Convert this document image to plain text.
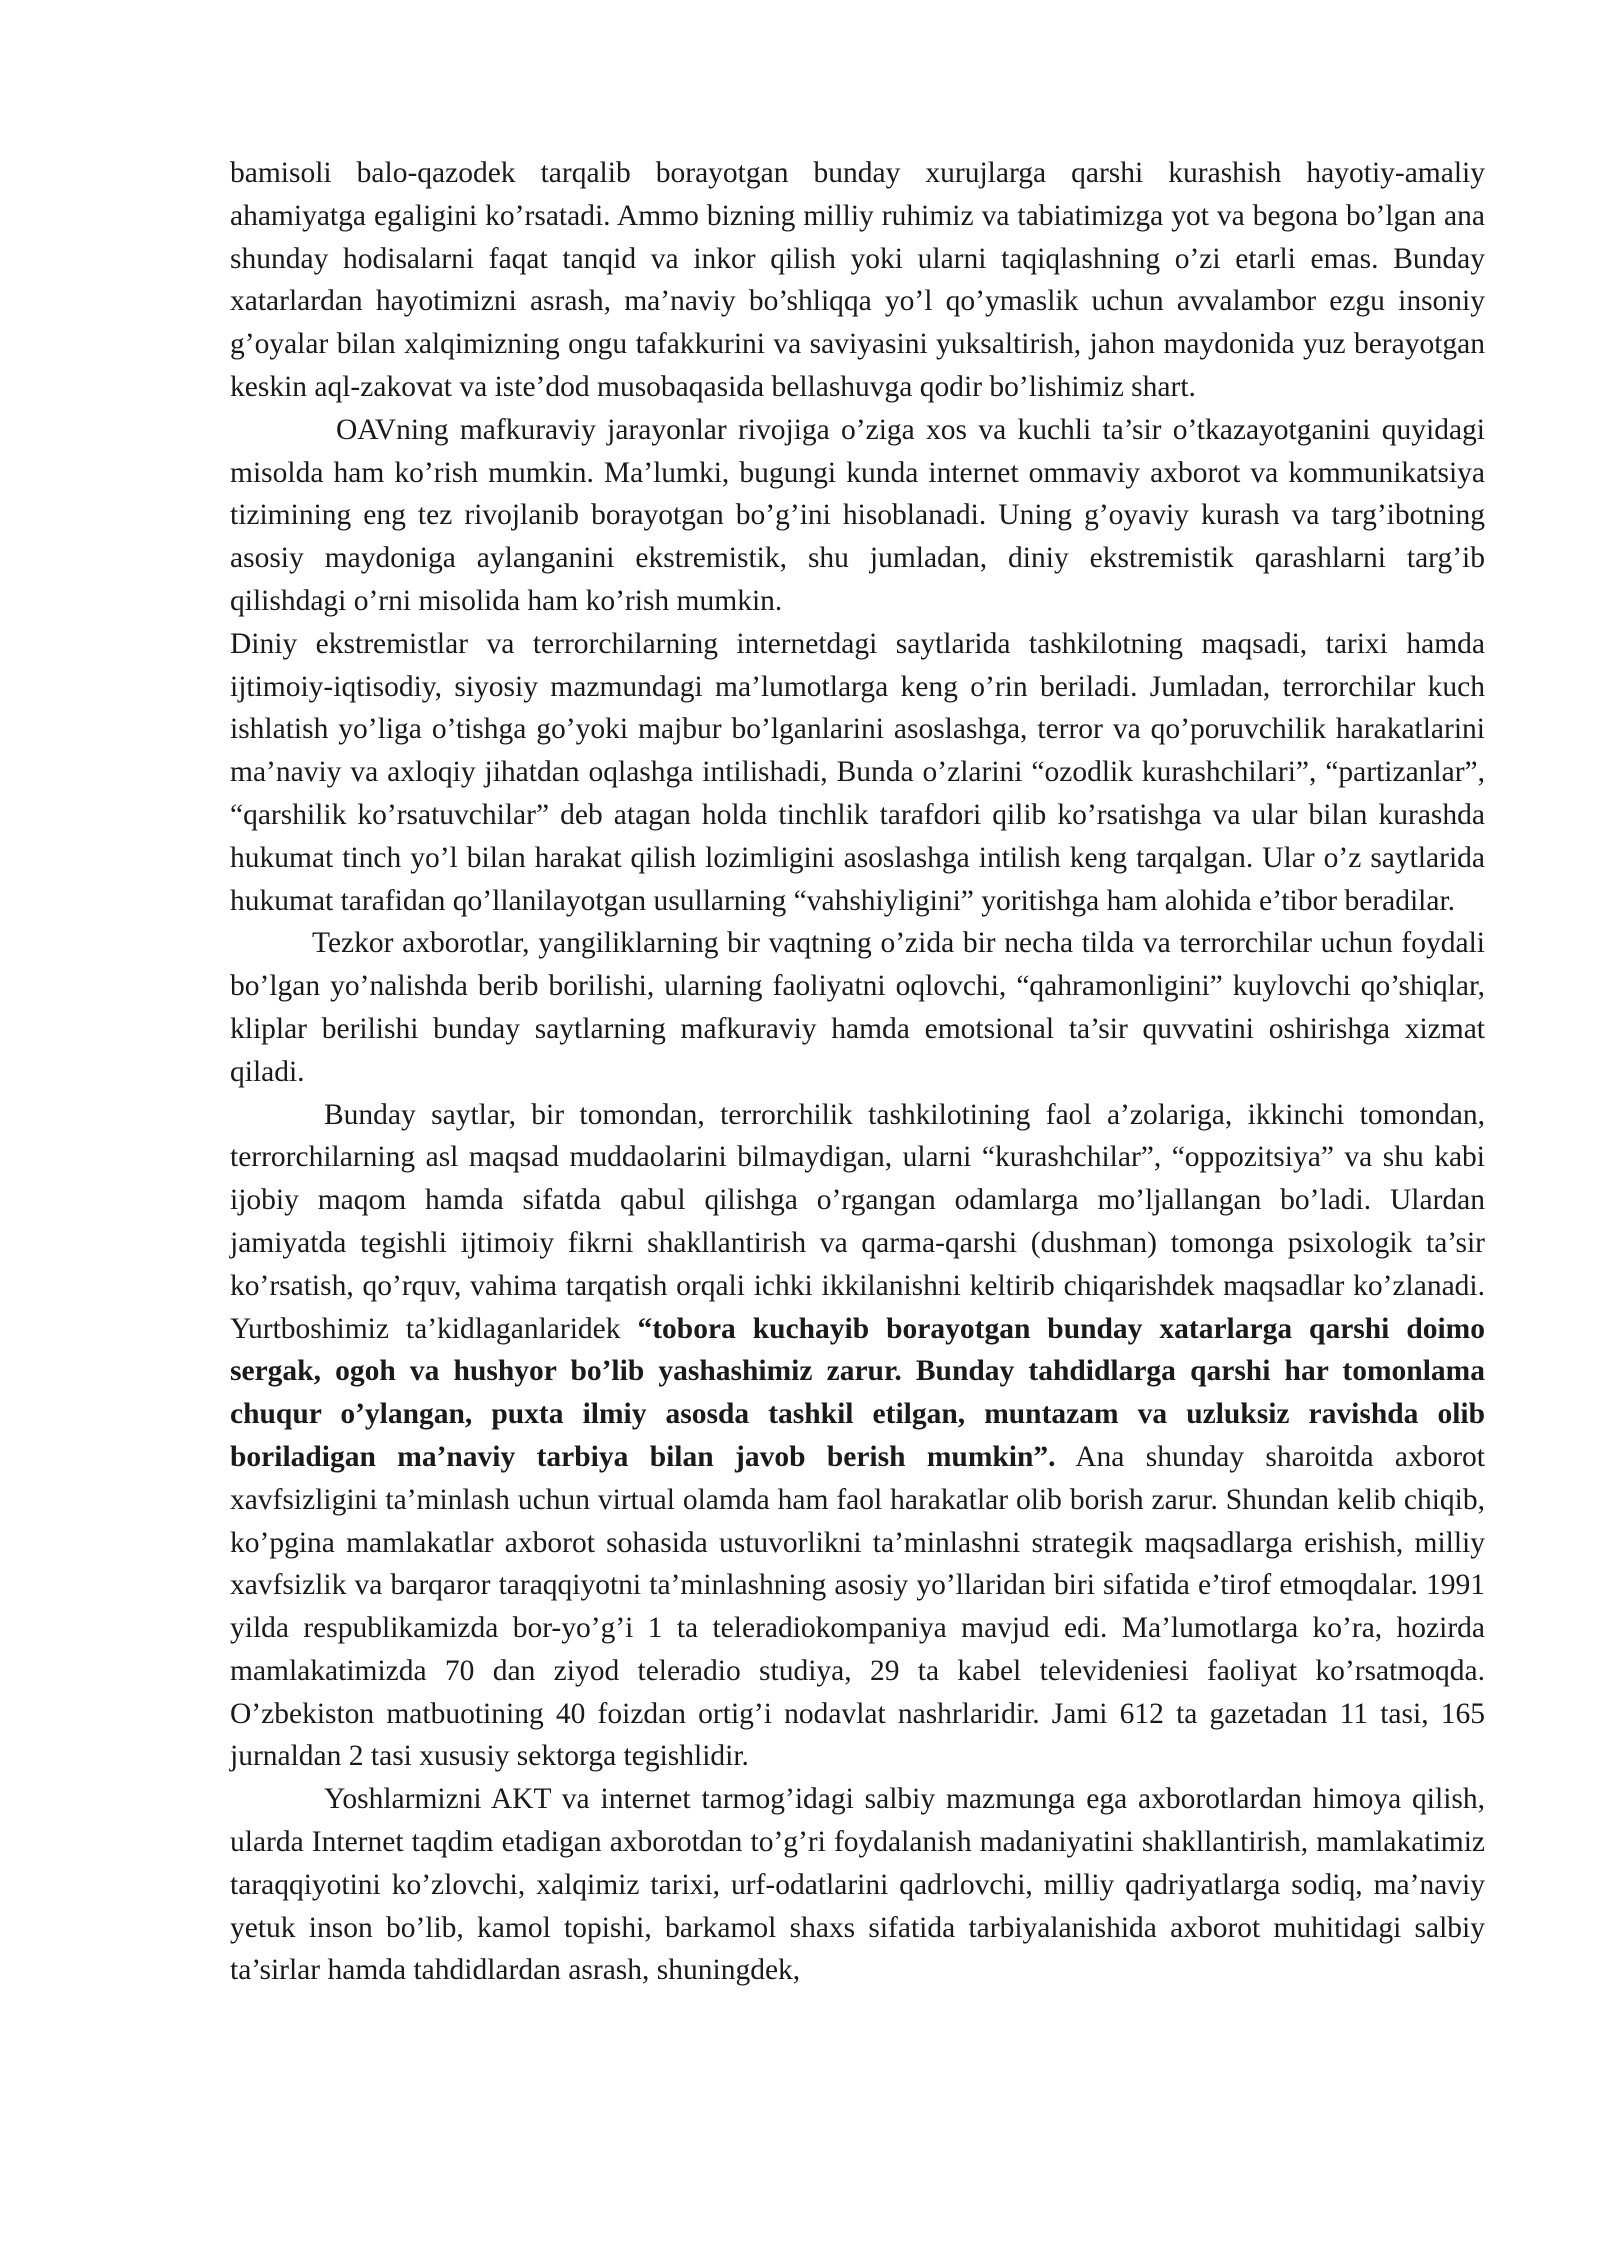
bamisoli balo-qazodek tarqalib borayotgan bunday xurujlarga qarshi kurashish hayotiy-amaliy ahamiyatga egaligini ko’rsatadi. Ammo bizning milliy ruhimiz va tabiatimizga yot va begona bo’lgan ana shunday hodisalarni faqat tanqid va inkor qilish yoki ularni taqiqlashning o’zi etarli emas. Bunday xatarlardan hayotimizni asrash, ma’naviy bo’shliqqa yo’l qo’ymaslik uchun avvalambor ezgu insoniy g’oyalar bilan xalqimizning ongu tafakkurini va saviyasini yuksaltirish, jahon maydonida yuz berayotgan keskin aql-zakovat va iste’dod musobaqasida bellashuvga qodir bo’lishimiz shart.

OAVning mafkuraviy jarayonlar rivojiga o’ziga xos va kuchli ta’sir o’tkazayotganini quyidagi misolda ham ko’rish mumkin. Ma’lumki, bugungi kunda internet ommaviy axborot va kommunikatsiya tizimining eng tez rivojlanib borayotgan bo’g’ini hisoblanadi. Uning g’oyaviy kurash va targ’ibotning asosiy maydoniga aylanganini ekstremistik, shu jumladan, diniy ekstremistik qarashlarni targ’ib qilishdagi o’rni misolida ham ko’rish mumkin.

Diniy ekstremistlar va terrorchilarning internetdagi saytlarida tashkilotning maqsadi, tarixi hamda ijtimoiy-iqtisodiy, siyosiy mazmundagi ma’lumotlarga keng o’rin beriladi. Jumladan, terrorchilar kuch ishlatish yo’liga o’tishga go’yoki majbur bo’lganlarini asoslashga, terror va qo’poruvchilik harakatlarini ma’naviy va axloqiy jihatdan oqlashga intilishadi, Bunda o’zlarini “ozodlik kurashchilari”, “partizanlar”, “qarshilik ko’rsatuvchilar” deb atagan holda tinchlik tarafdori qilib ko’rsatishga va ular bilan kurashda hukumat tinch yo’l bilan harakat qilish lozimligini asoslashga intilish keng tarqalgan. Ular o’z saytlarida hukumat tarafidan qo’llanilayotgan usullarning “vahshiyligini” yoritishga ham alohida e’tibor beradilar.

Tezkor axborotlar, yangiliklarning bir vaqtning o’zida bir necha tilda va terrorchilar uchun foydali bo’lgan yo’nalishda berib borilishi, ularning faoliyatni oqlovchi, “qahramonligini” kuylovchi qo’shiqlar, kliplar berilishi bunday saytlarning mafkuraviy hamda emotsional ta’sir quvvatini oshirishga xizmat qiladi.

Bunday saytlar, bir tomondan, terrorchilik tashkilotining faol a’zolariga, ikkinchi tomondan, terrorchilarning asl maqsad muddaolarini bilmaydigan, ularni “kurashchilar”, “oppozitsiya” va shu kabi ijobiy maqom hamda sifatda qabul qilishga o’rgangan odamlarga mo’ljallangan bo’ladi. Ulardan jamiyatda tegishli ijtimoiy fikrni shakllantirish va qarma-qarshi (dushman) tomonga psixologik ta’sir ko’rsatish, qo’rquv, vahima tarqatish orqali ichki ikkilanishni keltirib chiqarishdek maqsadlar ko’zlanadi. Yurtboshimiz ta’kidlaganlaridek “tobora kuchayib borayotgan bunday xatarlarga qarshi doimo sergak, ogoh va hushyor bo’lib yashashimiz zarur. Bunday tahdidlarga qarshi har tomonlama chuqur o’ylangan, puxta ilmiy asosda tashkil etilgan, muntazam va uzluksiz ravishda olib boriladigan ma’naviy tarbiya bilan javob berish mumkin”. Ana shunday sharoitda axborot xavfsizligini ta’minlash uchun virtual olamda ham faol harakatlar olib borish zarur. Shundan kelib chiqib, ko’pgina mamlakatlar axborot sohasida ustuvorlikni ta’minlashni strategik maqsadlarga erishish, milliy xavfsizlik va barqaror taraqqiyotni ta’minlashning asosiy yo’llaridan biri sifatida e’tirof etmoqdalar. 1991 yilda respublikamizda bor-yo’g’i 1 ta teleradiokompaniya mavjud edi. Ma’lumotlarga ko’ra, hozirda mamlakatimizda 70 dan ziyod teleradio studiya, 29 ta kabel televideniesi faoliyat ko’rsatmoqda. O’zbekiston matbuotining 40 foizdan ortig’i nodavlat nashrlaridir. Jami 612 ta gazetadan 11 tasi, 165 jurnaldan 2 tasi xususiy sektorga tegishlidir.

Yoshlarmizni AKT va internet tarmog’idagi salbiy mazmunga ega axborotlardan himoya qilish, ularda Internet taqdim etadigan axborotdan to’g’ri foydalanish madaniyatini shakllantirish, mamlakatimiz taraqqiyotini ko’zlovchi, xalqimiz tarixi, urf-odatlarini qadrlovchi, milliy qadriyatlarga sodiq, ma’naviy yetuk inson bo’lib, kamol topishi, barkamol shaxs sifatida tarbiyalanishida axborot muhitidagi salbiy ta’sirlar hamda tahdidlardan asrash, shuningdek,
